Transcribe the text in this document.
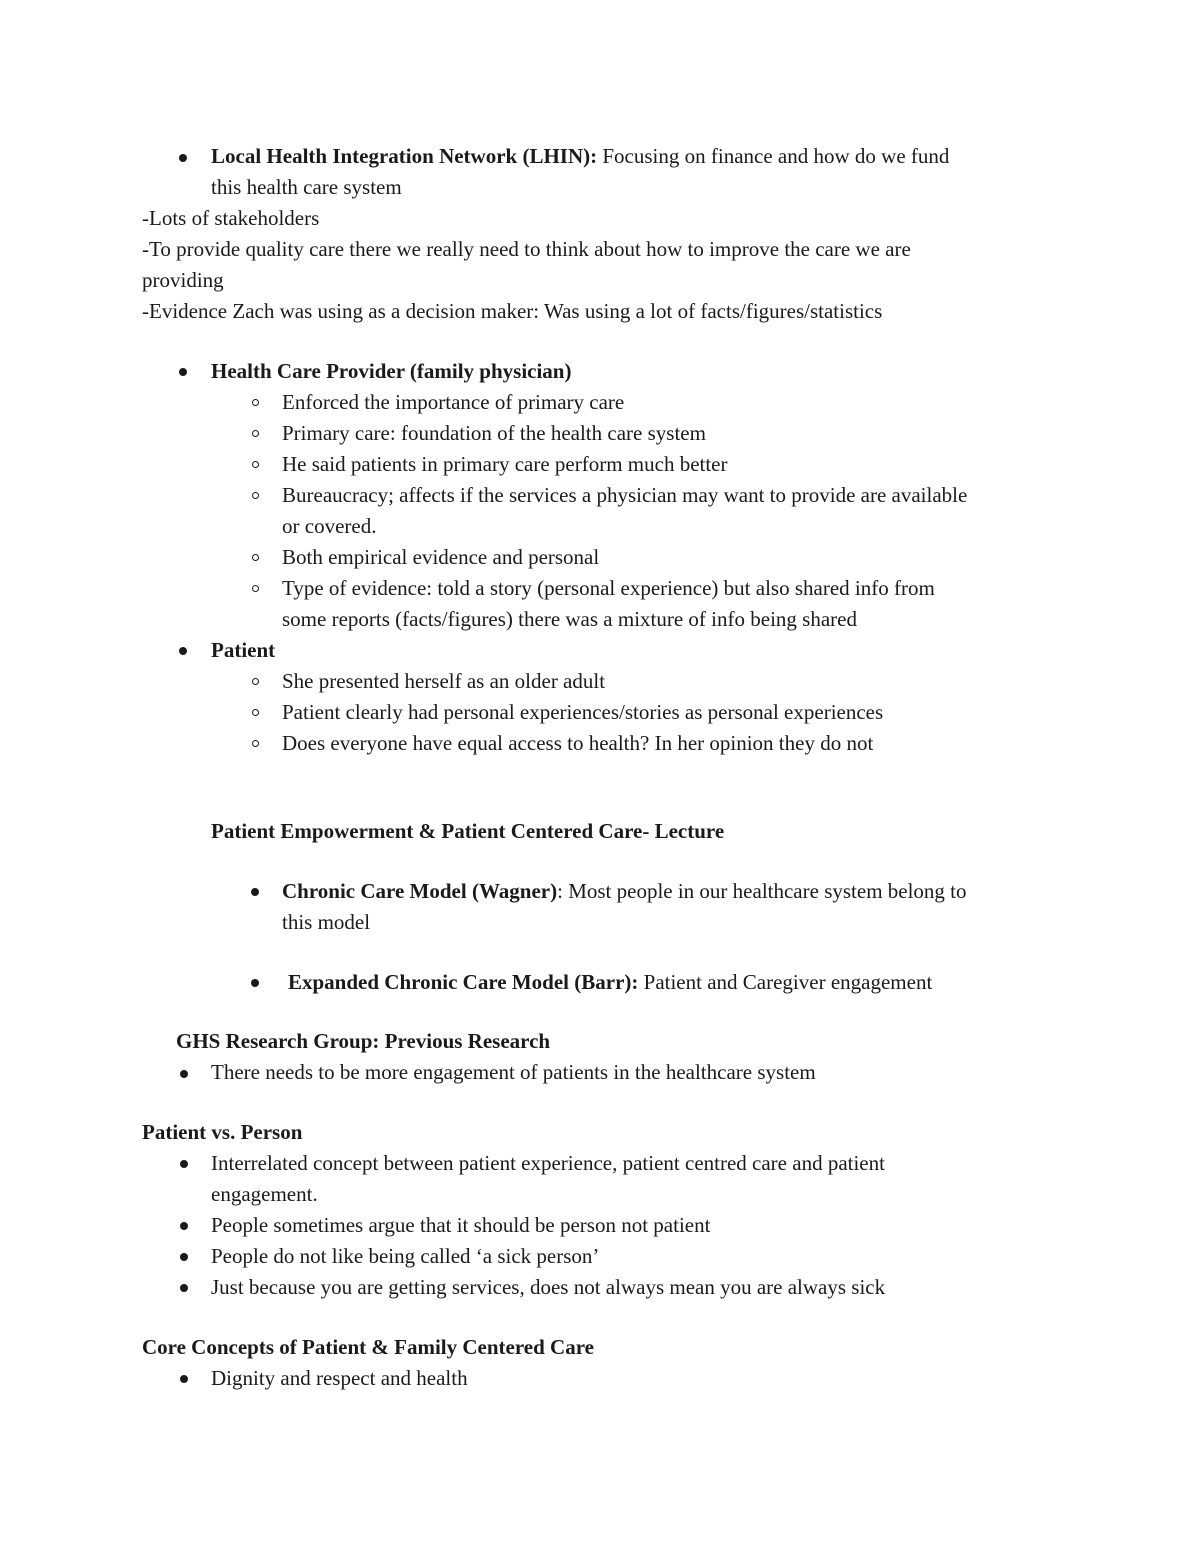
Local Health Integration Network (LHIN): Focusing on finance and how do we fund
this health care system
-Lots of stakeholders
-To provide quality care there we really need to think about how to improve the care we are
providing
-Evidence Zach was using as a decision maker: Was using a lot of facts/figures/statistics
Health Care Provider (family physician)
Enforced the importance of primary care
Primary care: foundation of the health care system
He said patients in primary care perform much better
Bureaucracy; affects if the services a physician may want to provide are available
or covered.
Both empirical evidence and personal
Type of evidence: told a story (personal experience) but also shared info from
some reports (facts/figures) there was a mixture of info being shared
Patient
She presented herself as an older adult
Patient clearly had personal experiences/stories as personal experiences
Does everyone have equal access to health? In her opinion they do not
Patient Empowerment & Patient Centered Care- Lecture
Chronic Care Model (Wagner): Most people in our healthcare system belong to
this model
Expanded Chronic Care Model (Barr): Patient and Caregiver engagement
GHS Research Group: Previous Research
There needs to be more engagement of patients in the healthcare system
Patient vs. Person
Interrelated concept between patient experience, patient centred care and patient
engagement.
People sometimes argue that it should be person not patient
People do not like being called ‘a sick person’
Just because you are getting services, does not always mean you are always sick
Core Concepts of Patient & Family Centered Care
Dignity and respect and health
